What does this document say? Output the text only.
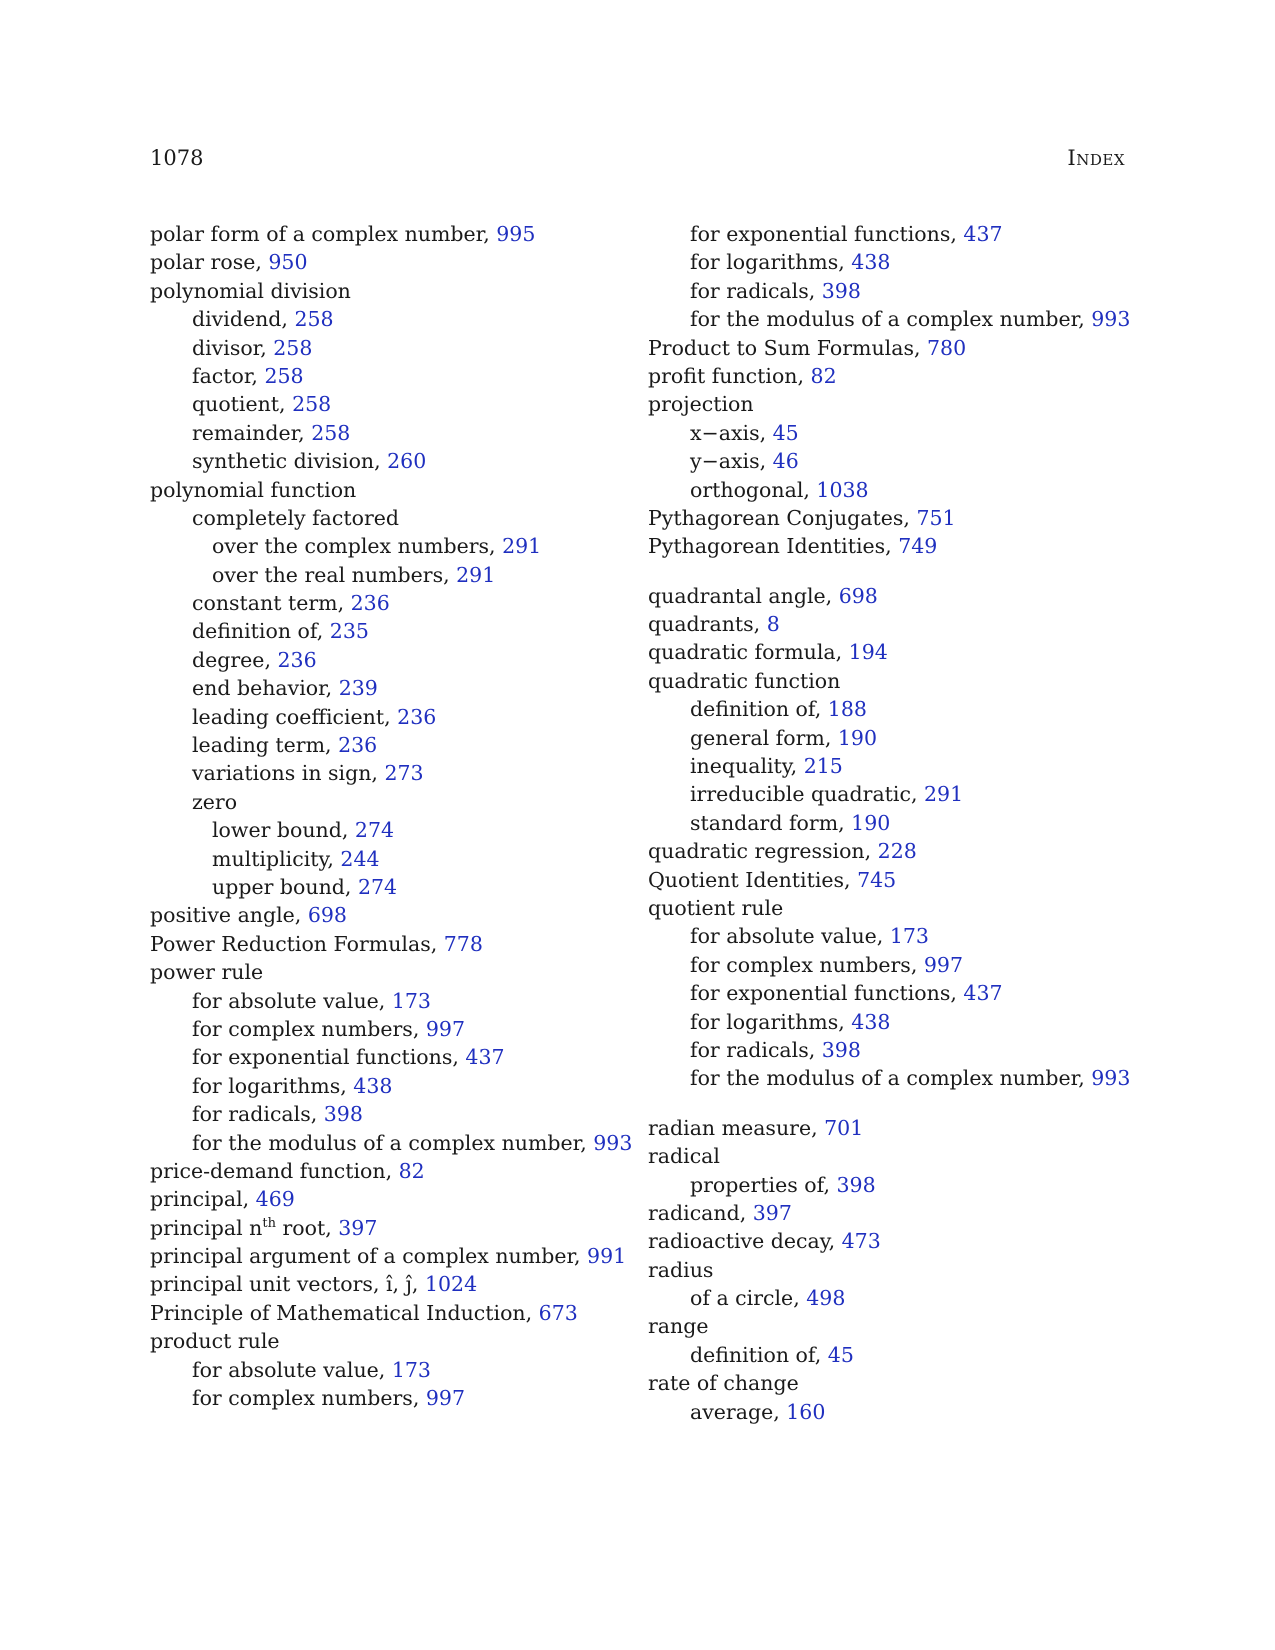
1078	Index
polar form of a complex number, 995
polar rose, 950
polynomial division
dividend, 258
divisor, 258
factor, 258
quotient, 258
remainder, 258
synthetic division, 260
polynomial function
completely factored
over the complex numbers, 291
over the real numbers, 291
constant term, 236
definition of, 235
degree, 236
end behavior, 239
leading coefficient, 236
leading term, 236
variations in sign, 273
zero
lower bound, 274
multiplicity, 244
upper bound, 274
positive angle, 698
Power Reduction Formulas, 778
power rule
for absolute value, 173
for complex numbers, 997
for exponential functions, 437
for logarithms, 438
for radicals, 398
for the modulus of a complex number, 993
price-demand function, 82
principal, 469
principal $n^{th}$ root, 397
principal argument of a complex number, 991
principal unit vectors, ı̂, ȷ̂, 1024
Principle of Mathematical Induction, 673
product rule
for absolute value, 173
for complex numbers, 997
for exponential functions, 437
for logarithms, 438
for radicals, 398
for the modulus of a complex number, 993
Product to Sum Formulas, 780
profit function, 82
projection
x−axis, 45
y−axis, 46
orthogonal, 1038
Pythagorean Conjugates, 751
Pythagorean Identities, 749
quadrantal angle, 698
quadrants, 8
quadratic formula, 194
quadratic function
definition of, 188
general form, 190
inequality, 215
irreducible quadratic, 291
standard form, 190
quadratic regression, 228
Quotient Identities, 745
quotient rule
for absolute value, 173
for complex numbers, 997
for exponential functions, 437
for logarithms, 438
for radicals, 398
for the modulus of a complex number, 993
radian measure, 701
radical
properties of, 398
radicand, 397
radioactive decay, 473
radius
of a circle, 498
range
definition of, 45
rate of change
average, 160
